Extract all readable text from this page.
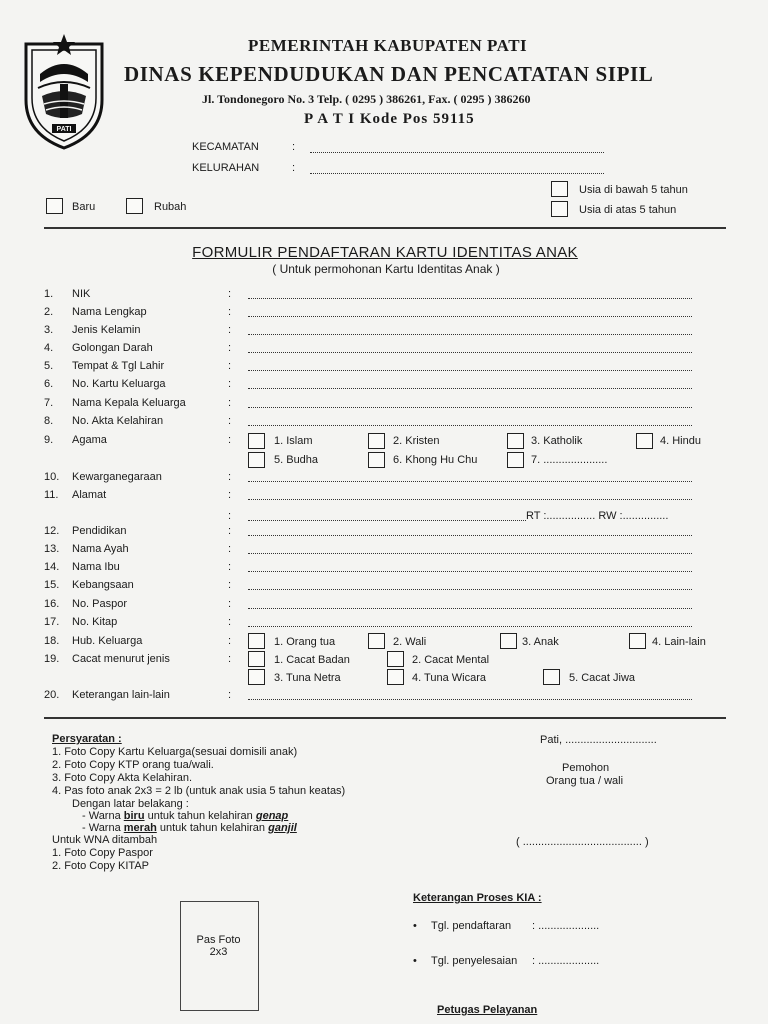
PATI
PEMERINTAH KABUPATEN PATI
DINAS KEPENDUDUKAN DAN PENCATATAN SIPIL
Jl. Tondonegoro No. 3 Telp. ( 0295 ) 386261, Fax. ( 0295 ) 386260
P A T I Kode Pos 59115
KECAMATAN	:
KELURAHAN	:
Baru	Rubah
Usia di bawah 5 tahun
Usia di atas 5 tahun
FORMULIR PENDAFTARAN KARTU IDENTITAS ANAK
( Untuk permohonan Kartu Identitas Anak )
1. NIK	:
2. Nama Lengkap	:
3. Jenis Kelamin	:
4. Golongan Darah	:
5. Tempat & Tgl Lahir	:
6. No. Kartu Keluarga	:
7. Nama Kepala Keluarga	:
8. No. Akta Kelahiran	:
9. Agama	:	1. Islam	2. Kristen	3. Katholik	4. Hindu
5. Budha	6. Khong Hu Chu	7. .....................
10. Kewarganegaraan	:
11. Alamat	:
:	RT :................ RW :...............
12. Pendidikan	:
13. Nama Ayah	:
14. Nama Ibu	:
15. Kebangsaan	:
16. No. Paspor	:
17. No. Kitap	:
18. Hub. Keluarga	:	1. Orang tua	2. Wali	3. Anak	4. Lain-lain
19. Cacat menurut jenis	:	1. Cacat Badan	2. Cacat Mental
3. Tuna Netra	4. Tuna Wicara	5. Cacat Jiwa
20. Keterangan lain-lain	:
Persyaratan :
1. Foto Copy Kartu Keluarga(sesuai domisili anak)
2. Foto Copy KTP orang tua/wali.
3. Foto Copy Akta Kelahiran.
4. Pas foto anak 2x3 = 2 lb (untuk anak usia 5 tahun keatas)
Dengan latar belakang :
- Warna biru untuk tahun kelahiran genap
- Warna merah untuk tahun kelahiran ganjil
Untuk WNA ditambah
1. Foto Copy Paspor
2. Foto Copy KITAP
Pati, ..............................
Pemohon
Orang tua / wali
( ....................................... )
Pas Foto
2x3
Keterangan Proses KIA :
• Tgl. pendaftaran : ....................
• Tgl. penyelesaian : ....................
Petugas Pelayanan
